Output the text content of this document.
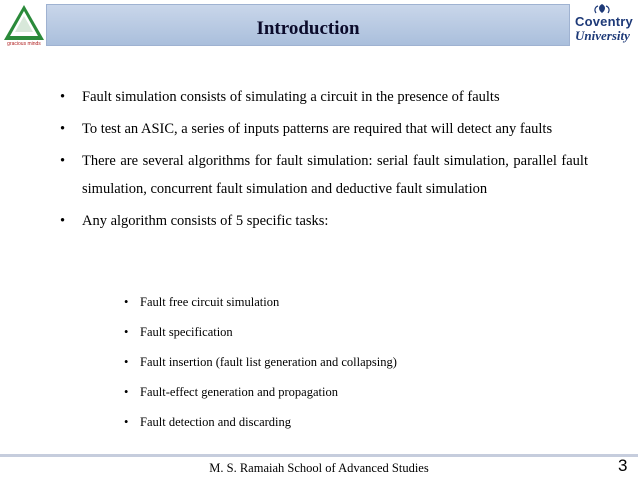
gracious minds
Introduction	Coventry
University
• Fault simulation consists of simulating a circuit in the presence of faults
• To test an ASIC, a series of inputs patterns are required that will detect any faults
• There are several algorithms for fault simulation: serial fault simulation, parallel fault simulation, concurrent fault simulation and deductive fault simulation
• Any algorithm consists of 5 specific tasks:
• Fault free circuit simulation
• Fault specification
• Fault insertion (fault list generation and collapsing)
• Fault-effect generation and propagation
• Fault detection and discarding
M. S. Ramaiah School of Advanced Studies	3
